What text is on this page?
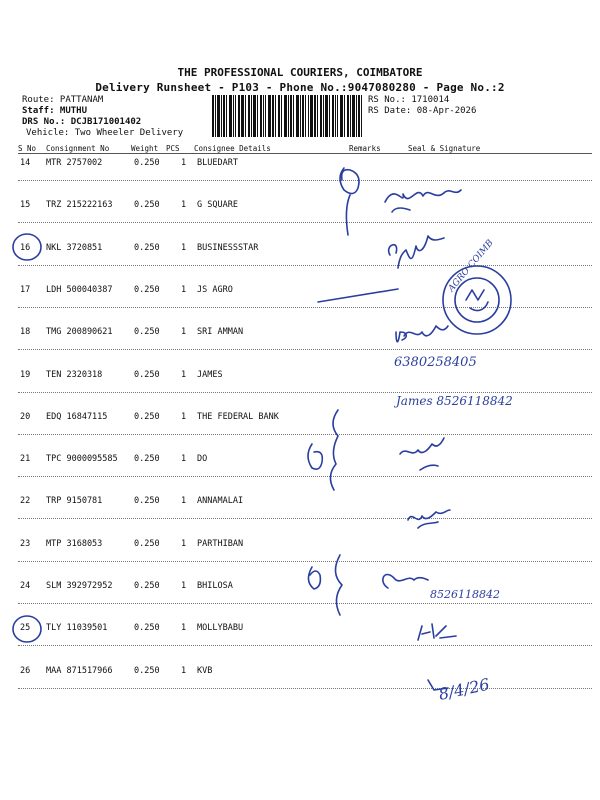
THE PROFESSIONAL COURIERS, COIMBATORE
Delivery Runsheet - P103 - Phone No.:9047080280 - Page No.:2
Route: PATTANAM
Staff: MUTHU
DRS No.: DCJB171001402
Vehicle: Two Wheeler Delivery
RS No.: 1710014
RS Date: 08-Apr-2026
S No Consignment No	Weight PCS Consignee Details	Remarks	Seal & Signature
14 MTR 2757002	0.250	1 BLUEDART
15 TRZ 215222163	0.250	1 G SQUARE
16 NKL 3720851	0.250	1 BUSINESSSTAR
17 LDH 500040387	0.250	1 JS AGRO
18 TMG 200890621	0.250	1 SRI AMMAN
19 TEN 2320318	0.250	1 JAMES
20 EDQ 16847115	0.250	1 THE FEDERAL BANK
21 TPC 9000095585 0.250	1 DO
22 TRP 9150781	0.250	1 ANNAMALAI
23 MTP 3168053	0.250	1 PARTHIBAN
24 SLM 392972952	0.250	1 BHILOSA
25 TLY 11039501	0.250	1 MOLLYBABU
26 MAA 871517966	0.250	1 KVB
AGRO COIMB
6380258405
James 8526118842
8526118842
8/4/26
